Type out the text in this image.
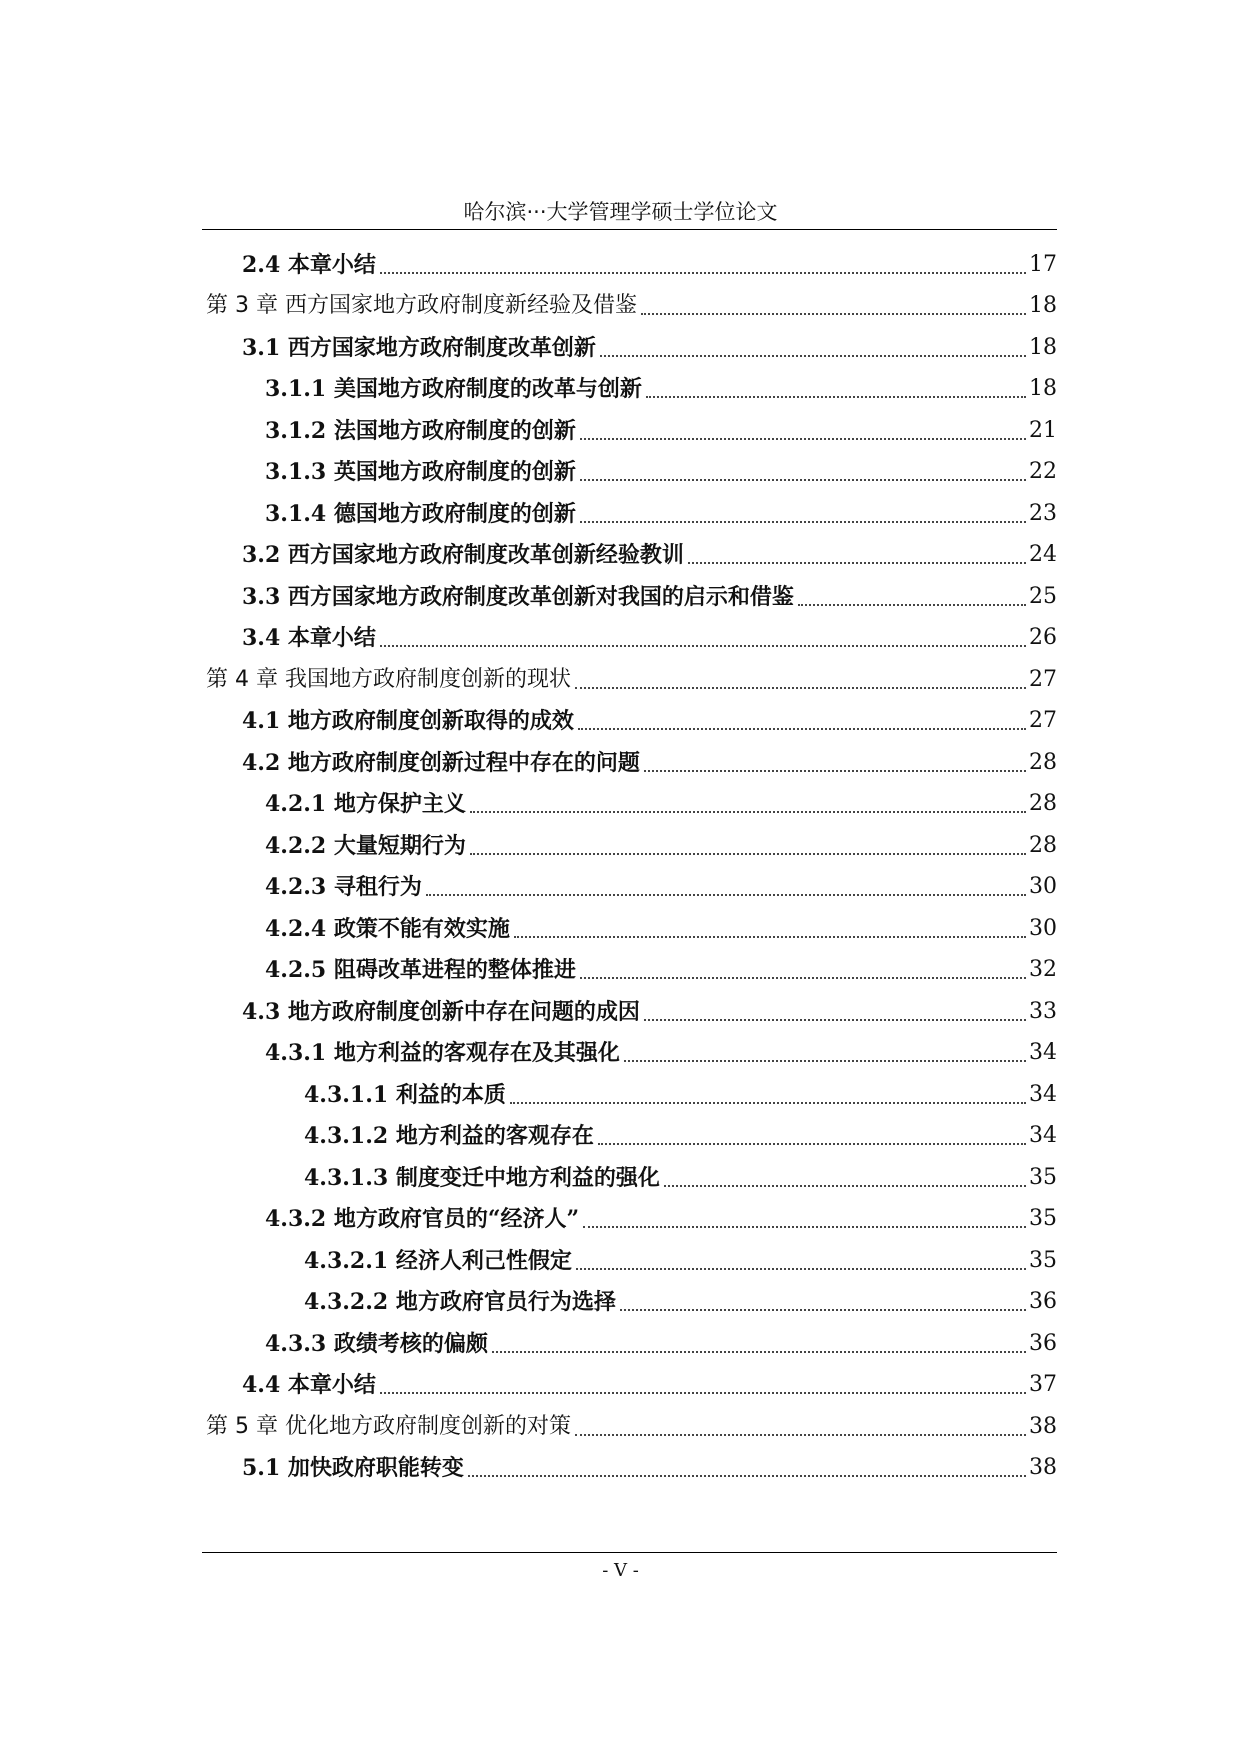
哈尔滨···大学管理学硕士学位论文
2.4 本章小结	17
第 3 章 西方国家地方政府制度新经验及借鉴	18
3.1 西方国家地方政府制度改革创新	18
3.1.1 美国地方政府制度的改革与创新	18
3.1.2 法国地方政府制度的创新	21
3.1.3 英国地方政府制度的创新	22
3.1.4 德国地方政府制度的创新	23
3.2 西方国家地方政府制度改革创新经验教训	24
3.3 西方国家地方政府制度改革创新对我国的启示和借鉴	25
3.4 本章小结	26
第 4 章 我国地方政府制度创新的现状	27
4.1 地方政府制度创新取得的成效	27
4.2 地方政府制度创新过程中存在的问题	28
4.2.1 地方保护主义	28
4.2.2 大量短期行为	28
4.2.3 寻租行为	30
4.2.4 政策不能有效实施	30
4.2.5 阻碍改革进程的整体推进	32
4.3 地方政府制度创新中存在问题的成因	33
4.3.1 地方利益的客观存在及其强化	34
4.3.1.1 利益的本质	34
4.3.1.2 地方利益的客观存在	34
4.3.1.3 制度变迁中地方利益的强化	35
4.3.2 地方政府官员的“经济人”	35
4.3.2.1 经济人利己性假定	35
4.3.2.2 地方政府官员行为选择	36
4.3.3 政绩考核的偏颇	36
4.4 本章小结	37
第 5 章 优化地方政府制度创新的对策	38
5.1 加快政府职能转变	38
- V -
